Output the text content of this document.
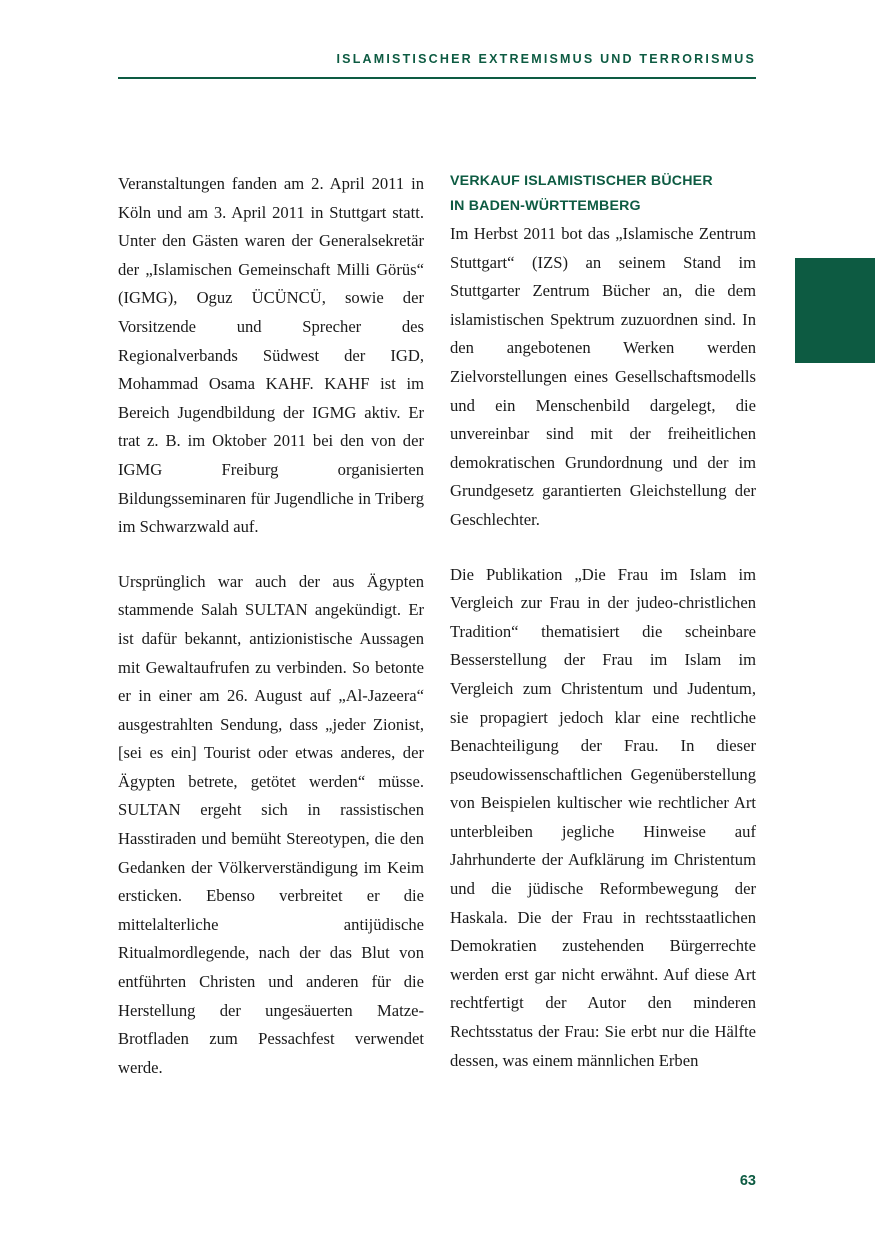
ISLAMISTISCHER EXTREMISMUS UND TERRORISMUS

Veranstaltungen fanden am 2. April 2011 in Köln und am 3. April 2011 in Stuttgart statt. Unter den Gästen waren der Generalsekretär der „Islamischen Gemeinschaft Milli Görüs“ (IGMG), Oguz ÜCÜNCÜ, sowie der Vorsitzende und Sprecher des Regionalverbands Südwest der IGD, Mohammad Osama KAHF. KAHF ist im Bereich Jugendbildung der IGMG aktiv. Er trat z. B. im Oktober 2011 bei den von der IGMG Freiburg organisierten Bildungsseminaren für Jugendliche in Triberg im Schwarzwald auf.

Ursprünglich war auch der aus Ägypten stammende Salah SULTAN angekündigt. Er ist dafür bekannt, antizionistische Aussagen mit Gewaltaufrufen zu verbinden. So betonte er in einer am 26. August auf „Al-Jazeera“ ausgestrahlten Sendung, dass „jeder Zionist, [sei es ein] Tourist oder etwas anderes, der Ägypten betrete, getötet werden“ müsse. SULTAN ergeht sich in rassistischen Hasstiraden und bemüht Stereotypen, die den Gedanken der Völkerverständigung im Keim ersticken. Ebenso verbreitet er die mittelalterliche antijüdische Ritualmordlegende, nach der das Blut von entführten Christen und anderen für die Herstellung der ungesäuerten Matze-Brotfladen zum Pessachfest verwendet werde.

VERKAUF ISLAMISTISCHER BÜCHER
IN BADEN-WÜRTTEMBERG

Im Herbst 2011 bot das „Islamische Zentrum Stuttgart“ (IZS) an seinem Stand im Stuttgarter Zentrum Bücher an, die dem islamistischen Spektrum zuzuordnen sind. In den angebotenen Werken werden Zielvorstellungen eines Gesellschaftsmodells und ein Menschenbild dargelegt, die unvereinbar sind mit der freiheitlichen demokratischen Grundordnung und der im Grundgesetz garantierten Gleichstellung der Geschlechter.

Die Publikation „Die Frau im Islam im Vergleich zur Frau in der judeo-christlichen Tradition“ thematisiert die scheinbare Besserstellung der Frau im Islam im Vergleich zum Christentum und Judentum, sie propagiert jedoch klar eine rechtliche Benachteiligung der Frau. In dieser pseudowissenschaftlichen Gegenüberstellung von Beispielen kultischer wie rechtlicher Art unterbleiben jegliche Hinweise auf Jahrhunderte der Aufklärung im Christentum und die jüdische Reformbewegung der Haskala. Die der Frau in rechtsstaatlichen Demokratien zustehenden Bürgerrechte werden erst gar nicht erwähnt. Auf diese Art rechtfertigt der Autor den minderen Rechtsstatus der Frau: Sie erbt nur die Hälfte dessen, was einem männlichen Erben

63
